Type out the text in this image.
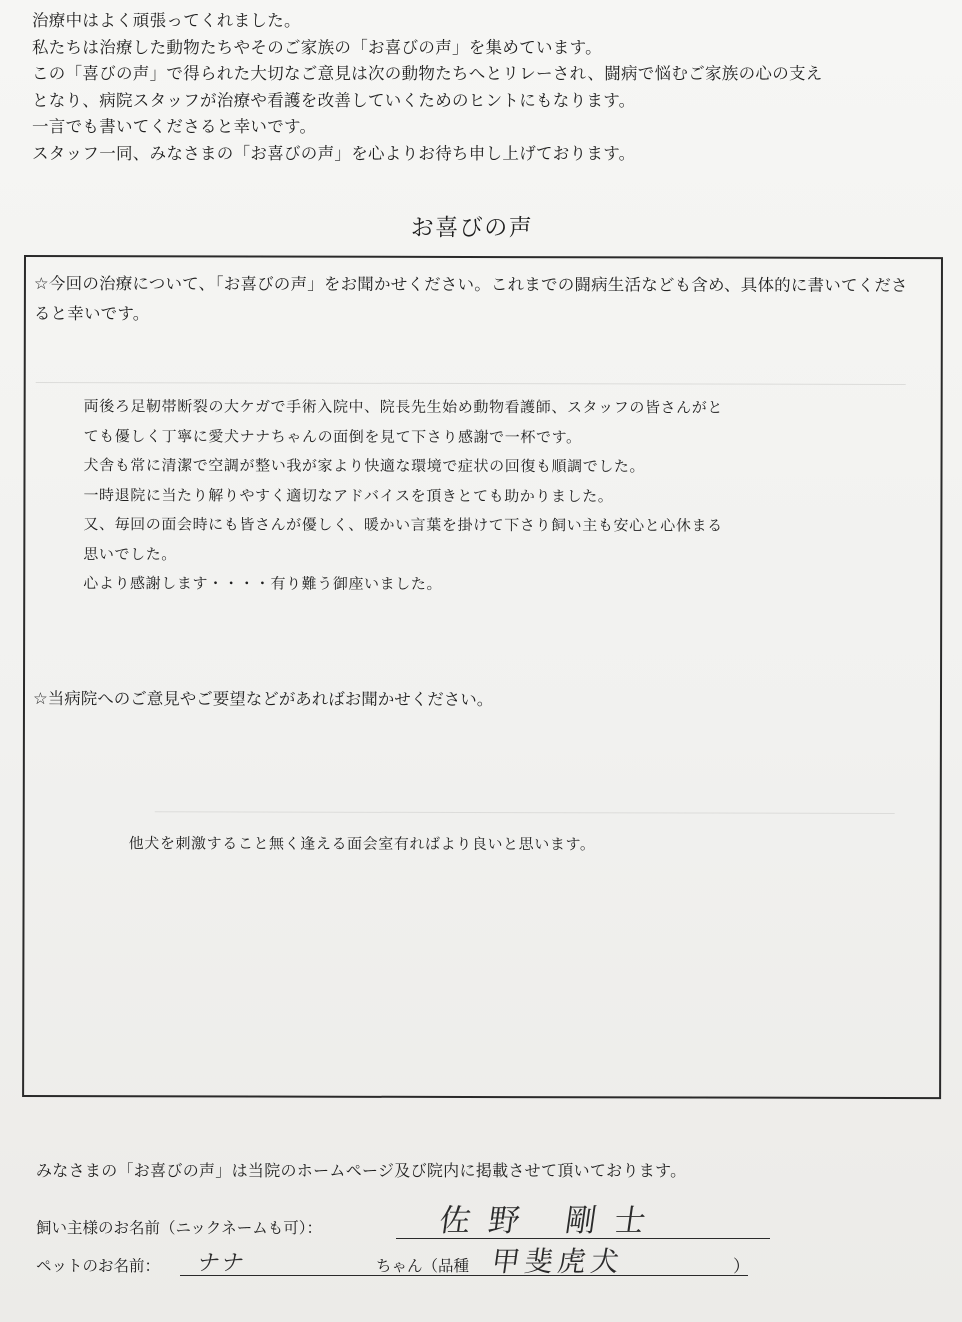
治療中はよく頑張ってくれました。
私たちは治療した動物たちやそのご家族の「お喜びの声」を集めています。
この「喜びの声」で得られた大切なご意見は次の動物たちへとリレーされ、闘病で悩むご家族の心の支え
となり、病院スタッフが治療や看護を改善していくためのヒントにもなります。
一言でも書いてくださると幸いです。
スタッフ一同、みなさまの「お喜びの声」を心よりお待ち申し上げております。
お喜びの声
☆今回の治療について、「お喜びの声」をお聞かせください。これまでの闘病生活なども含め、具体的に書いてくださると幸いです。
両後ろ足靭帯断裂の大ケガで手術入院中、院長先生始め動物看護師、スタッフの皆さんがと
ても優しく丁寧に愛犬ナナちゃんの面倒を見て下さり感謝で一杯です。
犬舎も常に清潔で空調が整い我が家より快適な環境で症状の回復も順調でした。
一時退院に当たり解りやすく適切なアドバイスを頂きとても助かりました。
又、毎回の面会時にも皆さんが優しく、暖かい言葉を掛けて下さり飼い主も安心と心休まる
思いでした。
心より感謝します・・・・有り難う御座いました。
☆当病院へのご意見やご要望などがあればお聞かせください。
他犬を刺激すること無く逢える面会室有ればより良いと思います。
みなさまの「お喜びの声」は当院のホームページ及び院内に掲載させて頂いております。
飼い主様のお名前（ニックネームも可）：	佐野 剛士
ペットのお名前： ナナ	ちゃん（品種 甲斐虎犬	）
